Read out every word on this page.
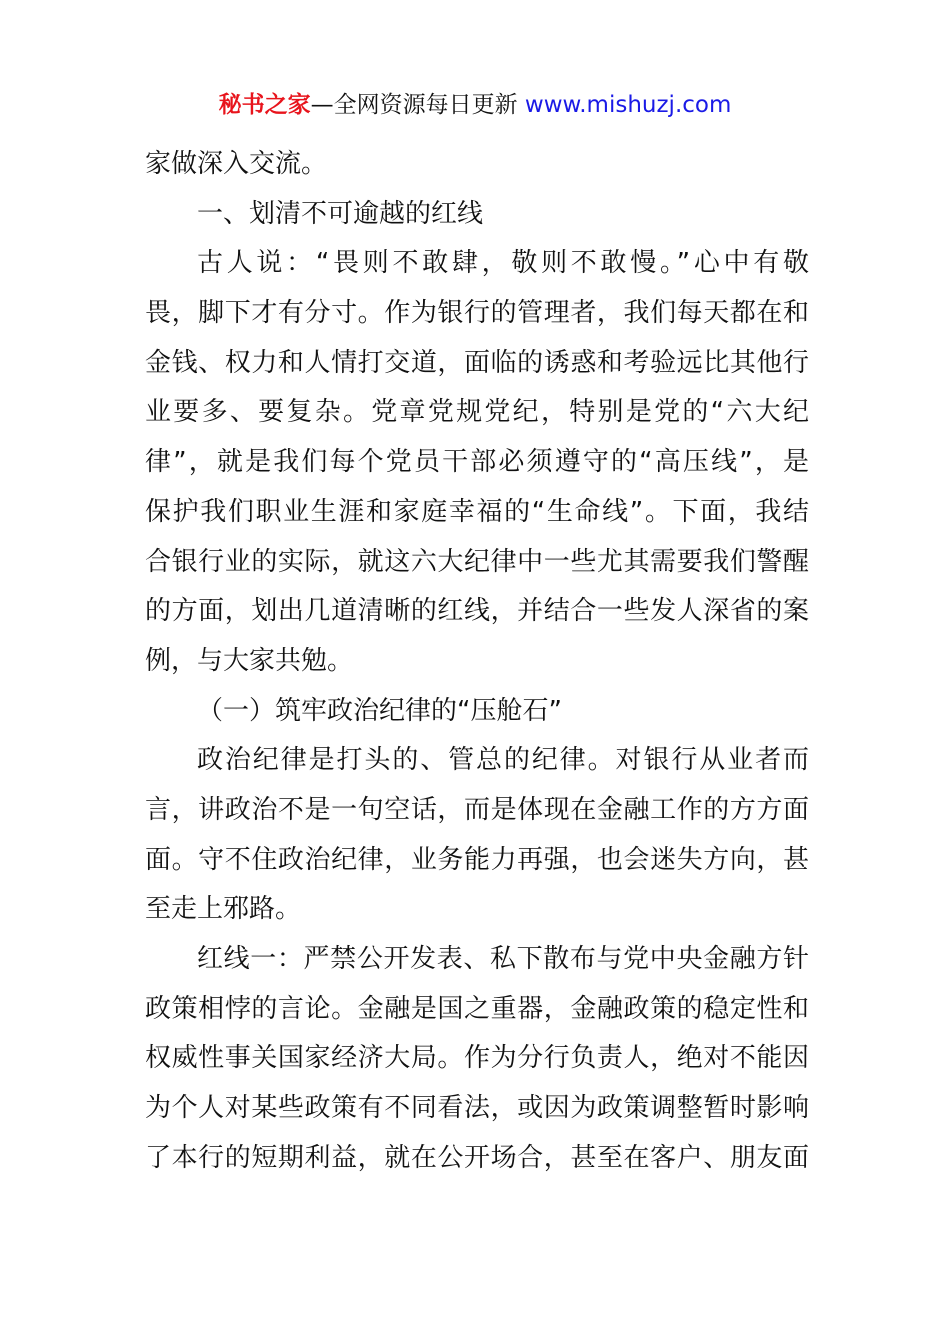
秘书之家—全网资源每日更新 www.mishuzj.com
家做深入交流。
一、划清不可逾越的红线
古人说：“畏则不敢肆，敬则不敢慢。”心中有敬
畏，脚下才有分寸。作为银行的管理者，我们每天都在和
金钱、权力和人情打交道，面临的诱惑和考验远比其他行
业要多、要复杂。党章党规党纪，特别是党的“六大纪
律”，就是我们每个党员干部必须遵守的“高压线”，是
保护我们职业生涯和家庭幸福的“生命线”。下面，我结
合银行业的实际，就这六大纪律中一些尤其需要我们警醒
的方面，划出几道清晰的红线，并结合一些发人深省的案
例，与大家共勉。
（一）筑牢政治纪律的“压舱石”
政治纪律是打头的、管总的纪律。对银行从业者而
言，讲政治不是一句空话，而是体现在金融工作的方方面
面。守不住政治纪律，业务能力再强，也会迷失方向，甚
至走上邪路。
红线一：严禁公开发表、私下散布与党中央金融方针
政策相悖的言论。金融是国之重器，金融政策的稳定性和
权威性事关国家经济大局。作为分行负责人，绝对不能因
为个人对某些政策有不同看法，或因为政策调整暂时影响
了本行的短期利益，就在公开场合，甚至在客户、朋友面
